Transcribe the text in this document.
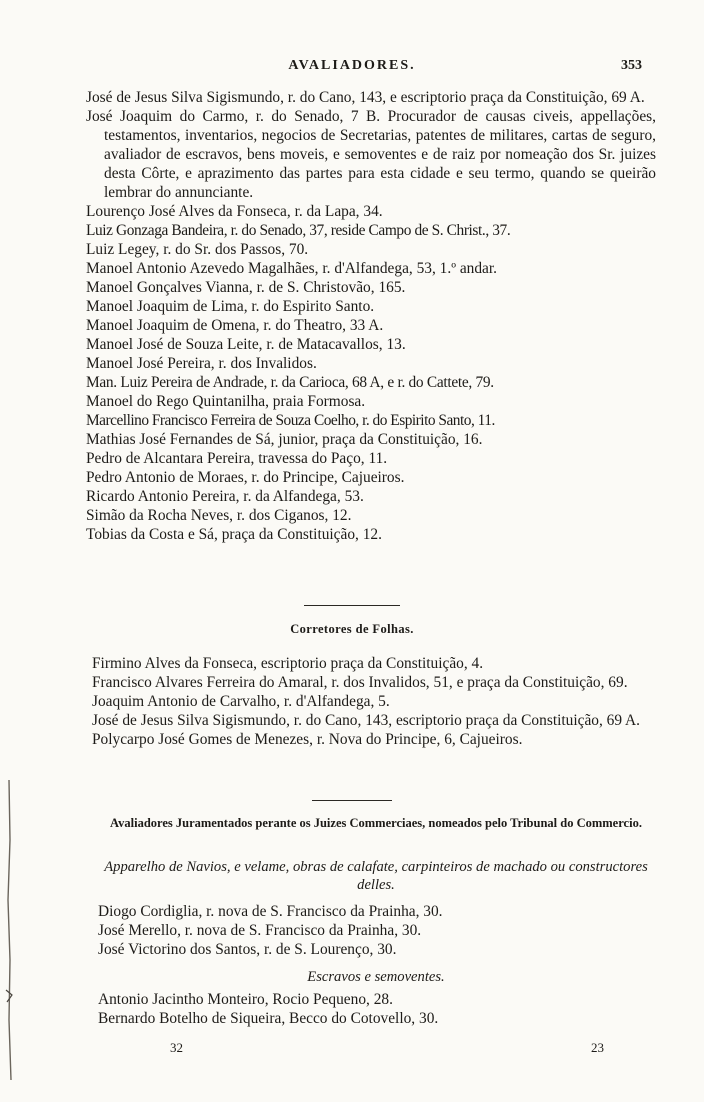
AVALIADORES.	353
José de Jesus Silva Sigismundo, r. do Cano, 143, e escriptorio praça da Constituição, 69 A.
José Joaquim do Carmo, r. do Senado, 7 B. Procurador de causas civeis, appellações, testamentos, inventarios, negocios de Secretarias, patentes de militares, cartas de seguro, avaliador de escravos, bens moveis, e semoventes e de raiz por nomeação dos Sr. juizes desta Côrte, e aprazimento das partes para esta cidade e seu termo, quando se queirão lembrar do annunciante.
Lourenço José Alves da Fonseca, r. da Lapa, 34.
Luiz Gonzaga Bandeira, r. do Senado, 37, reside Campo de S. Christ., 37.
Luiz Legey, r. do Sr. dos Passos, 70.
Manoel Antonio Azevedo Magalhães, r. d'Alfandega, 53, 1.º andar.
Manoel Gonçalves Vianna, r. de S. Christovão, 165.
Manoel Joaquim de Lima, r. do Espirito Santo.
Manoel Joaquim de Omena, r. do Theatro, 33 A.
Manoel José de Souza Leite, r. de Matacavallos, 13.
Manoel José Pereira, r. dos Invalidos.
Man. Luiz Pereira de Andrade, r. da Carioca, 68 A, e r. do Cattete, 79.
Manoel do Rego Quintanilha, praia Formosa.
Marcellino Francisco Ferreira de Souza Coelho, r. do Espirito Santo, 11.
Mathias José Fernandes de Sá, junior, praça da Constituição, 16.
Pedro de Alcantara Pereira, travessa do Paço, 11.
Pedro Antonio de Moraes, r. do Principe, Cajueiros.
Ricardo Antonio Pereira, r. da Alfandega, 53.
Simão da Rocha Neves, r. dos Ciganos, 12.
Tobias da Costa e Sá, praça da Constituição, 12.
Corretores de Folhas.
Firmino Alves da Fonseca, escriptorio praça da Constituição, 4.
Francisco Alvares Ferreira do Amaral, r. dos Invalidos, 51, e praça da Constituição, 69.
Joaquim Antonio de Carvalho, r. d'Alfandega, 5.
José de Jesus Silva Sigismundo, r. do Cano, 143, escriptorio praça da Constituição, 69 A.
Polycarpo José Gomes de Menezes, r. Nova do Principe, 6, Cajueiros.
Avaliadores Juramentados perante os Juizes Commerciaes, nomeados pelo Tribunal do Commercio.
Apparelho de Navios, e velame, obras de calafate, carpinteiros de machado ou constructores delles.
Diogo Cordiglia, r. nova de S. Francisco da Prainha, 30.
José Merello, r. nova de S. Francisco da Prainha, 30.
José Victorino dos Santos, r. de S. Lourenço, 30.
Escravos e semoventes.
Antonio Jacintho Monteiro, Rocio Pequeno, 28.
Bernardo Botelho de Siqueira, Becco do Cotovello, 30.
32	23
